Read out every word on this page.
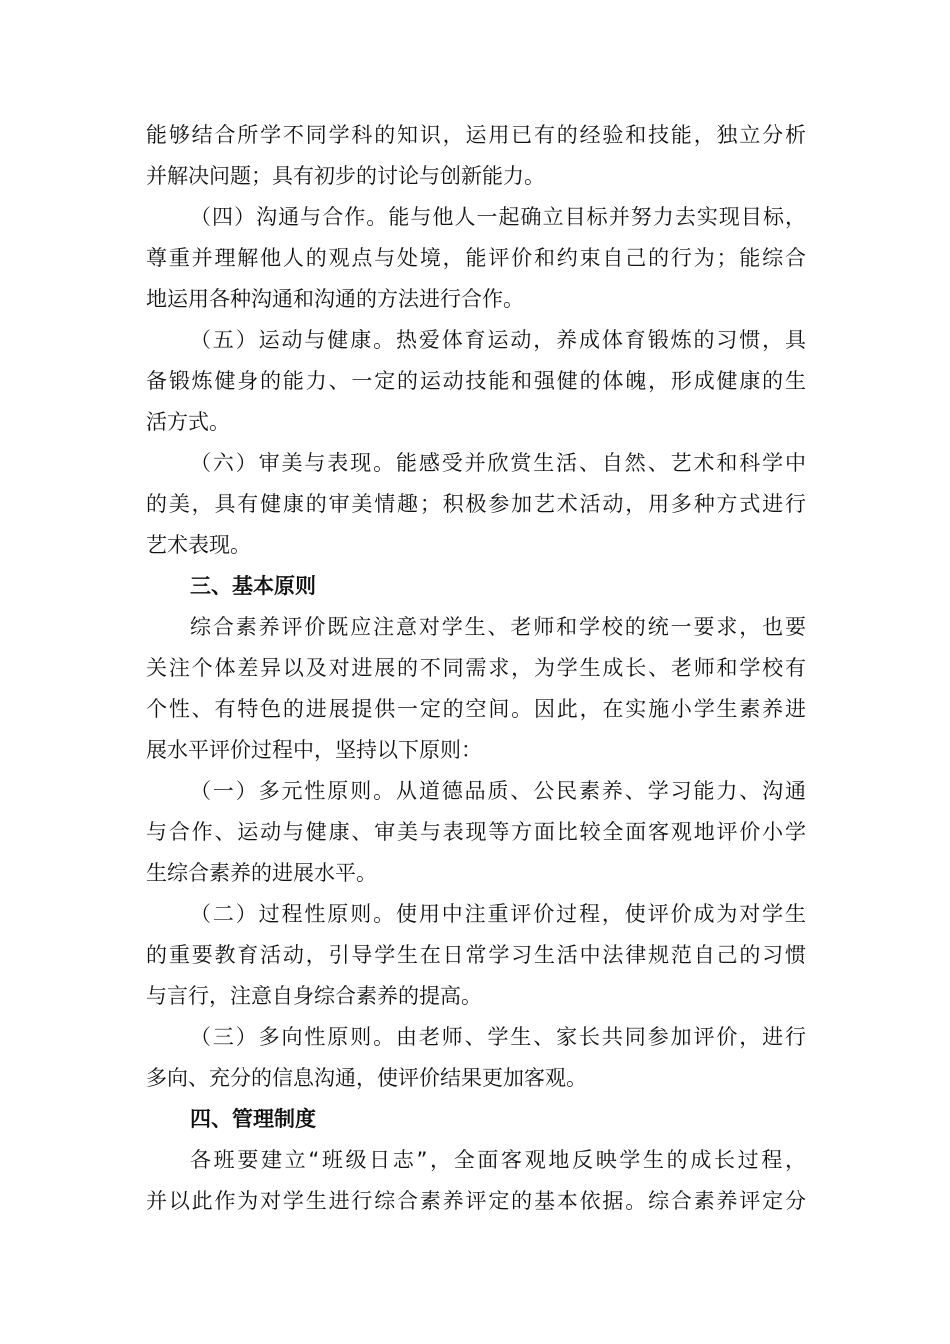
能够结合所学不同学科的知识，运用已有的经验和技能，独立分析
并解决问题；具有初步的讨论与创新能力。
（四）沟通与合作。能与他人一起确立目标并努力去实现目标，
尊重并理解他人的观点与处境，能评价和约束自己的行为；能综合
地运用各种沟通和沟通的方法进行合作。
（五）运动与健康。热爱体育运动，养成体育锻炼的习惯，具
备锻炼健身的能力、一定的运动技能和强健的体魄，形成健康的生
活方式。
（六）审美与表现。能感受并欣赏生活、自然、艺术和科学中
的美，具有健康的审美情趣；积极参加艺术活动，用多种方式进行
艺术表现。
三、基本原则
综合素养评价既应注意对学生、老师和学校的统一要求，也要
关注个体差异以及对进展的不同需求，为学生成长、老师和学校有
个性、有特色的进展提供一定的空间。因此，在实施小学生素养进
展水平评价过程中，坚持以下原则：
（一）多元性原则。从道德品质、公民素养、学习能力、沟通
与合作、运动与健康、审美与表现等方面比较全面客观地评价小学
生综合素养的进展水平。
（二）过程性原则。使用中注重评价过程，使评价成为对学生
的重要教育活动，引导学生在日常学习生活中法律规范自己的习惯
与言行，注意自身综合素养的提高。
（三）多向性原则。由老师、学生、家长共同参加评价，进行
多向、充分的信息沟通，使评价结果更加客观。
四、管理制度
各班要建立“班级日志”，全面客观地反映学生的成长过程，
并以此作为对学生进行综合素养评定的基本依据。综合素养评定分
